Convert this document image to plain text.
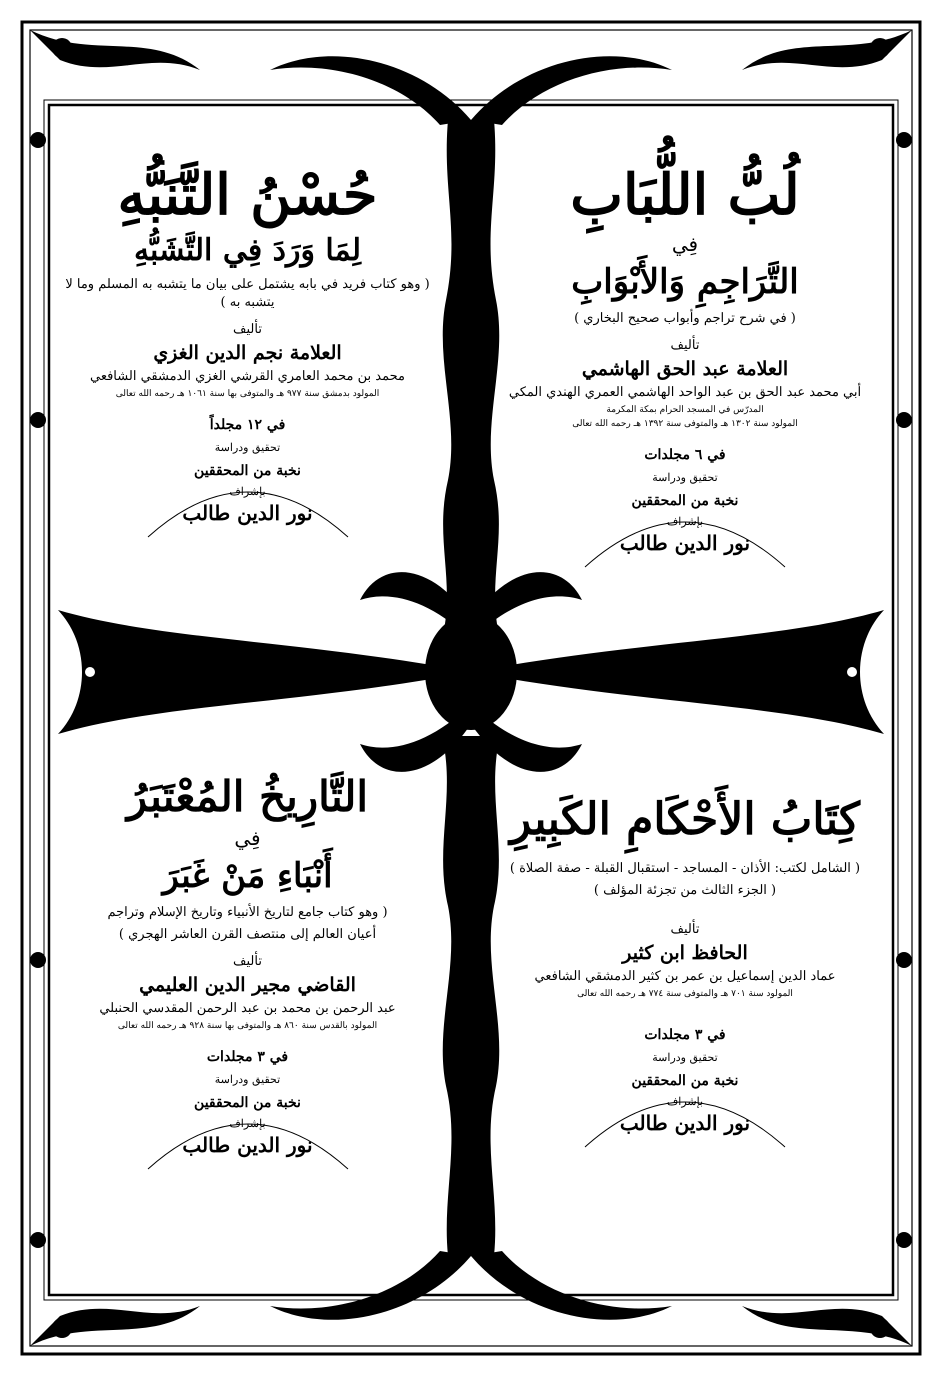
لُبُّ اللُّبَابِ

فِي

التَّرَاجِمِ وَالأَبْوَابِ

( في شرح تراجم وأبواب صحيح البخاري )

تأليف

العلامة عبد الحق الهاشمي

أبي محمد عبد الحق بن عبد الواحد الهاشمي العمري الهندي المكي

المدرّس في المسجد الحرام بمكة المكرمة

المولود سنة ١٣٠٢ هـ والمتوفى سنة ١٣٩٢ هـ رحمه الله تعالى

في ٦ مجلدات

تحقيق ودراسة

نخبة من المحققين
بإشراف
نور الدين طالب

حُسْنُ التَّنَبُّهِ

لِمَا وَرَدَ فِي التَّشَبُّهِ

( وهو كتاب فريد في بابه يشتمل على بيان ما يتشبه به المسلم وما لا يتشبه به )

تأليف

العلامة نجم الدين الغزي

محمد بن محمد العامري القرشي الغزي الدمشقي الشافعي

المولود بدمشق سنة ٩٧٧ هـ والمتوفى بها سنة ١٠٦١ هـ رحمه الله تعالى

في ١٢ مجلداً

تحقيق ودراسة

نخبة من المحققين
بإشراف
نور الدين طالب

كِتَابُ الأَحْكَامِ الكَبِيرِ

( الشامل لكتب: الأذان - المساجد - استقبال القبلة - صفة الصلاة )

( الجزء الثالث من تجزئة المؤلف )

تأليف

الحافظ ابن كثير

عماد الدين إسماعيل بن عمر بن كثير الدمشقي الشافعي

المولود سنة ٧٠١ هـ والمتوفى سنة ٧٧٤ هـ رحمه الله تعالى

في ٣ مجلدات

تحقيق ودراسة

نخبة من المحققين
بإشراف
نور الدين طالب

التَّارِيخُ المُعْتَبَرُ

فِي

أَنْبَاءِ مَنْ غَبَرَ

( وهو كتاب جامع لتاريخ الأنبياء وتاريخ الإسلام وتراجم

أعيان العالم إلى منتصف القرن العاشر الهجري )

تأليف

القاضي مجير الدين العليمي

عبد الرحمن بن محمد بن عبد الرحمن المقدسي الحنبلي

المولود بالقدس سنة ٨٦٠ هـ والمتوفى بها سنة ٩٢٨ هـ رحمه الله تعالى

في ٣ مجلدات

تحقيق ودراسة

نخبة من المحققين
بإشراف
نور الدين طالب
